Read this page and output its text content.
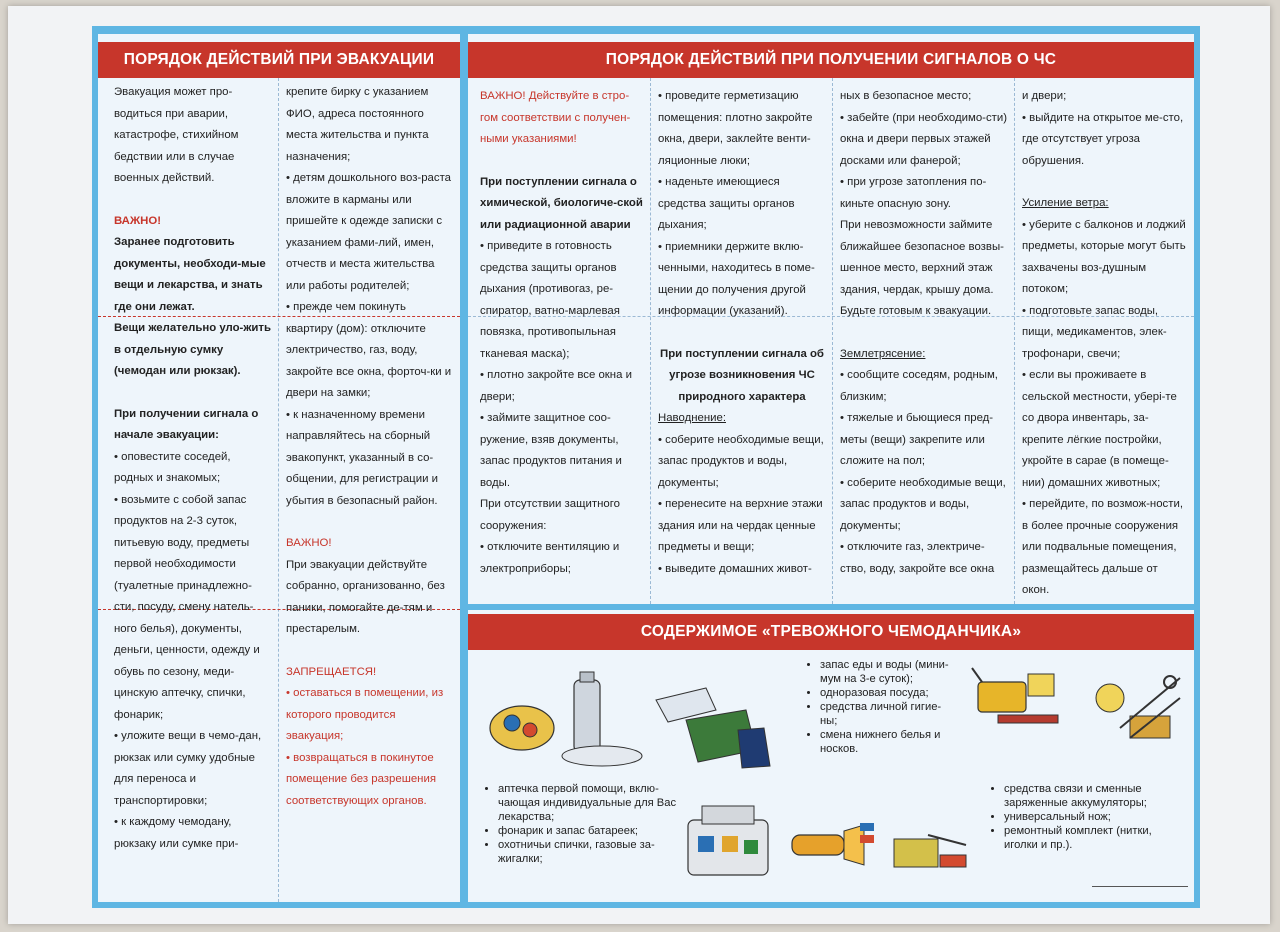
ПОРЯДОК ДЕЙСТВИЙ ПРИ ЭВАКУАЦИИ

Эвакуация может про-водиться при аварии, катастрофе, стихийном бедствии или в случае военных действий.

ВАЖНО!

Заранее подготовить документы, необходи-мые вещи и лекарства, и знать где они лежат.

Вещи желательно уло-жить в отдельную сумку (чемодан или рюкзак).

При получении сигнала о начале эвакуации:

• оповестите соседей, родных и знакомых;

• возьмите с собой запас продуктов на 2-3 суток, питьевую воду, предметы первой необходимости (туалетные принадлежно-сти, посуду, смену натель-ного белья), документы, деньги, ценности, одежду и обувь по сезону, меди-цинскую аптечку, спички, фонарик;

• уложите вещи в чемо-дан, рюкзак или сумку удобные для переноса и транспортировки;

• к каждому чемодану, рюкзаку или сумке при-

крепите бирку с указанием ФИО, адреса постоянного места жительства и пункта назначения;

• детям дошкольного воз-раста вложите в карманы или пришейте к одежде записки с указанием фами-лий, имен, отчеств и места жительства или работы родителей;

• прежде чем покинуть квартиру (дом): отключите электричество, газ, воду, закройте все окна, форточ-ки и двери на замки;

• к назначенному времени направляйтесь на сборный эвакопункт, указанный в со-общении, для регистрации и убытия в безопасный район.

ВАЖНО!

При эвакуации действуйте собранно, организованно, без паники, помогайте де-тям и престарелым.

ЗАПРЕЩАЕТСЯ!

• оставаться в помещении, из которого проводится эвакуация;

• возвращаться в покинутое помещение без разрешения соответствующих органов.

ПОРЯДОК ДЕЙСТВИЙ ПРИ ПОЛУЧЕНИИ СИГНАЛОВ О ЧС

ВАЖНО! Действуйте в стро-гом соответствии с получен-ными указаниями!

При поступлении сигнала о химической, биологиче-ской или радиационной аварии

• приведите в готовность средства защиты органов дыхания (противогаз, ре-спиратор, ватно-марлевая повязка, противопыльная тканевая маска);

• плотно закройте все окна и двери;

• займите защитное соо-ружение, взяв документы, запас продуктов питания и воды.

При отсутствии защитного сооружения:

• отключите вентиляцию и электроприборы;

• проведите герметизацию помещения: плотно закройте окна, двери, заклейте венти-ляционные люки;

• наденьте имеющиеся средства защиты органов дыхания;

• приемники держите вклю-ченными, находитесь в поме-щении до получения другой информации (указаний).

При поступлении сигнала об угрозе возникновения ЧС природного характера

Наводнение:

• соберите необходимые вещи, запас продуктов и воды, документы;

• перенесите на верхние этажи здания или на чердак ценные предметы и вещи;

• выведите домашних живот-

ных в безопасное место;

• забейте (при необходимо-сти) окна и двери первых этажей досками или фанерой;

• при угрозе затопления по-киньте опасную зону.

При невозможности займите ближайшее безопасное возвы-шенное место, верхний этаж здания, чердак, крышу дома. Будьте готовым к эвакуации.

Землетрясение:

• сообщите соседям, родным, близким;

• тяжелые и бьющиеся пред-меты (вещи) закрепите или сложите на пол;

• соберите необходимые вещи, запас продуктов и воды, документы;

• отключите газ, электриче-ство, воду, закройте все окна

и двери;

• выйдите на открытое ме-сто, где отсутствует угроза обрушения.

Усиление ветра:

• уберите с балконов и лоджий предметы, которые могут быть захвачены воз-душным потоком;

• подготовьте запас воды, пищи, медикаментов, элек-трофонари, свечи;

• если вы проживаете в сельской местности, уберi-те со двора инвентарь, за-крепите лёгкие постройки, укройте в сарае (в помеще-нии) домашних животных;

• перейдите, по возмож-ности, в более прочные сооружения или подвальные помещения, размещайтесь дальше от окон.

СОДЕРЖИМОЕ «ТРЕВОЖНОГО ЧЕМОДАНЧИКА»
• запас еды и воды (мини-мум на 3-е суток);
• одноразовая посуда;
• средства личной гигие-ны;
• смена нижнего белья и носков.
• аптечка первой помощи, вклю-чающая индивидуальные для Вас лекарства;
• фонарик и запас батареек;
• охотничьи спички, газовые за-жигалки;
• средства связи и сменные заряженные аккумуляторы;
• универсальный нож;
• ремонтный комплект (нитки, иголки и пр.).
